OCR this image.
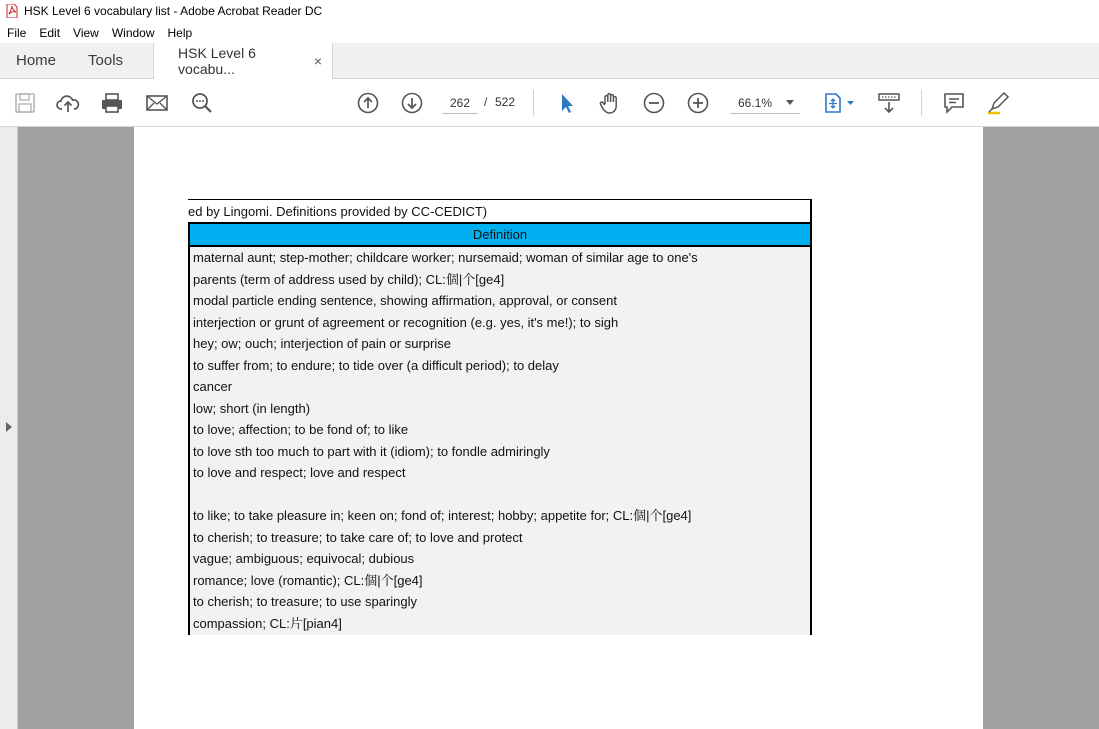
HSK Level 6 vocabulary list - Adobe Acrobat Reader DC
File Edit View Window Help
Home	Tools	HSK Level 6 vocabu...	×
262	/ 522	66.1%
ed by Lingomi. Definitions provided by CC-CEDICT)
Definition
maternal aunt; step-mother; childcare worker; nursemaid; woman of similar age to one's
parents (term of address used by child); CL:個|个[ge4]
modal particle ending sentence, showing affirmation, approval, or consent
interjection or grunt of agreement or recognition (e.g. yes, it's me!); to sigh
hey; ow; ouch; interjection of pain or surprise
to suffer from; to endure; to tide over (a difficult period); to delay
cancer
low; short (in length)
to love; affection; to be fond of; to like
to love sth too much to part with it (idiom); to fondle admiringly
to love and respect; love and respect
to like; to take pleasure in; keen on; fond of; interest; hobby; appetite for; CL:個|个[ge4]
to cherish; to treasure; to take care of; to love and protect
vague; ambiguous; equivocal; dubious
romance; love (romantic); CL:個|个[ge4]
to cherish; to treasure; to use sparingly
compassion; CL:片[pian4]
